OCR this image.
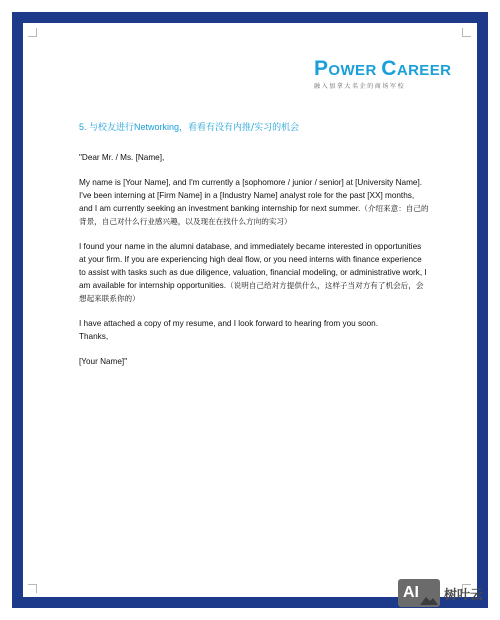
POWER CAREER
融入加拿大名企的商场军校
5. 与校友进行Networking，看看有没有内推/实习的机会

"Dear Mr. / Ms. [Name],

My name is [Your Name], and I'm currently a [sophomore / junior / senior] at [University Name]. I've been interning at [Firm Name] in a [Industry Name] analyst role for the past [XX] months, and I am currently seeking an investment banking internship for next summer.（介绍来意：自己的背景，自己对什么行业感兴趣，以及现在在找什么方向的实习）

I found your name in the alumni database, and immediately became interested in opportunities at your firm. If you are experiencing high deal flow, or you need interns with finance experience to assist with tasks such as due diligence, valuation, financial modeling, or administrative work, I am available for internship opportunities.（说明自己给对方提供什么，这样子当对方有了机会后，会想起来联系你的）

I have attached a copy of my resume, and I look forward to hearing from you soon.

Thanks,

[Your Name]"

AI	树叶云
